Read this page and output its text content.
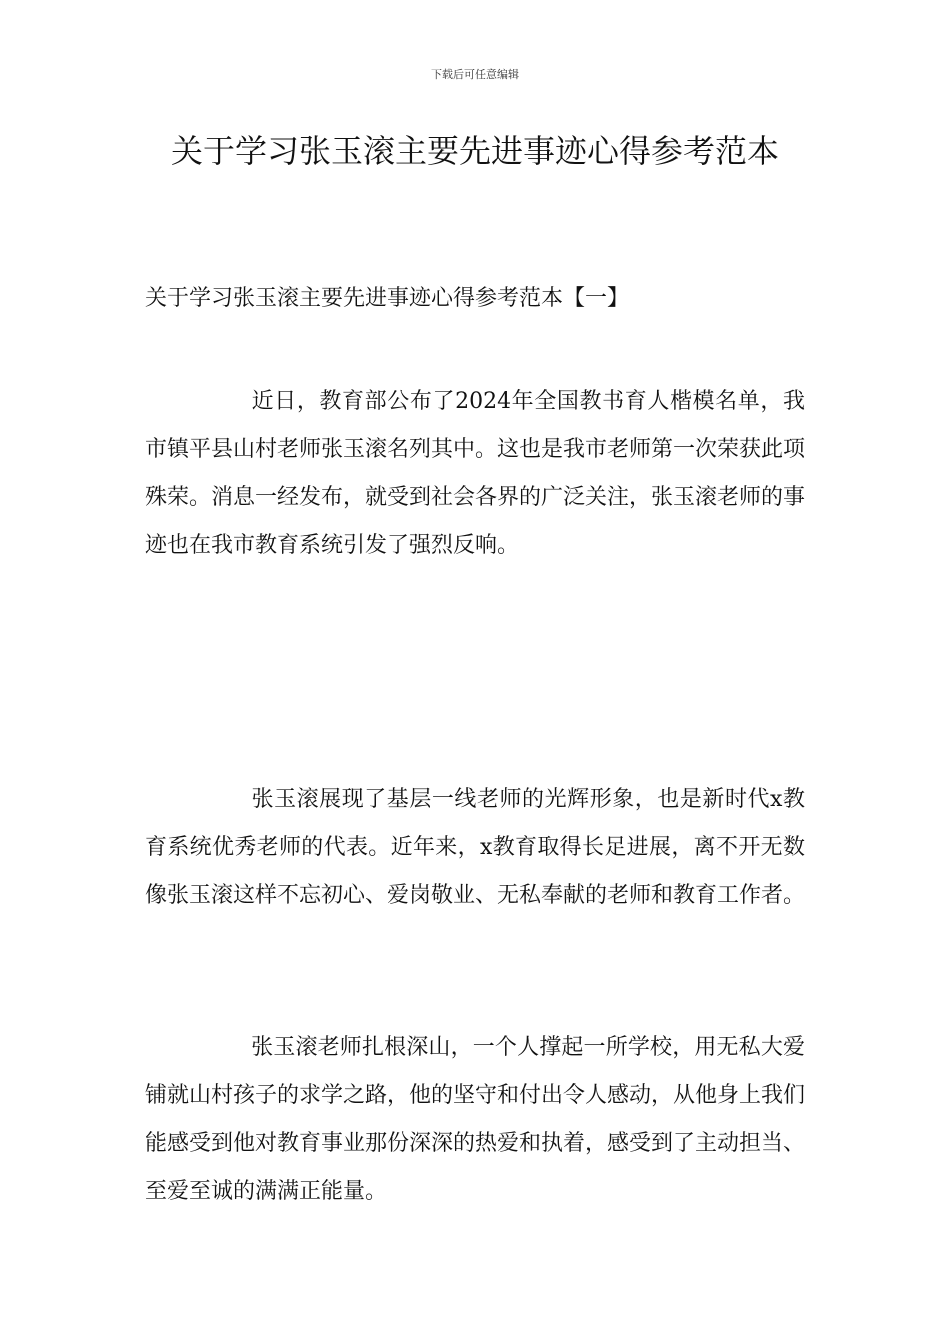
下载后可任意编辑
关于学习张玉滚主要先进事迹心得参考范本
关于学习张玉滚主要先进事迹心得参考范本【一】

近日，教育部公布了2024年全国教书育人楷模名单，我市镇平县山村老师张玉滚名列其中。这也是我市老师第一次荣获此项殊荣。消息一经发布，就受到社会各界的广泛关注，张玉滚老师的事迹也在我市教育系统引发了强烈反响。

张玉滚展现了基层一线老师的光辉形象，也是新时代x教育系统优秀老师的代表。近年来，x教育取得长足进展，离不开无数像张玉滚这样不忘初心、爱岗敬业、无私奉献的老师和教育工作者。

张玉滚老师扎根深山，一个人撑起一所学校，用无私大爱铺就山村孩子的求学之路，他的坚守和付出令人感动，从他身上我们能感受到他对教育事业那份深深的热爱和执着，感受到了主动担当、至爱至诚的满满正能量。
